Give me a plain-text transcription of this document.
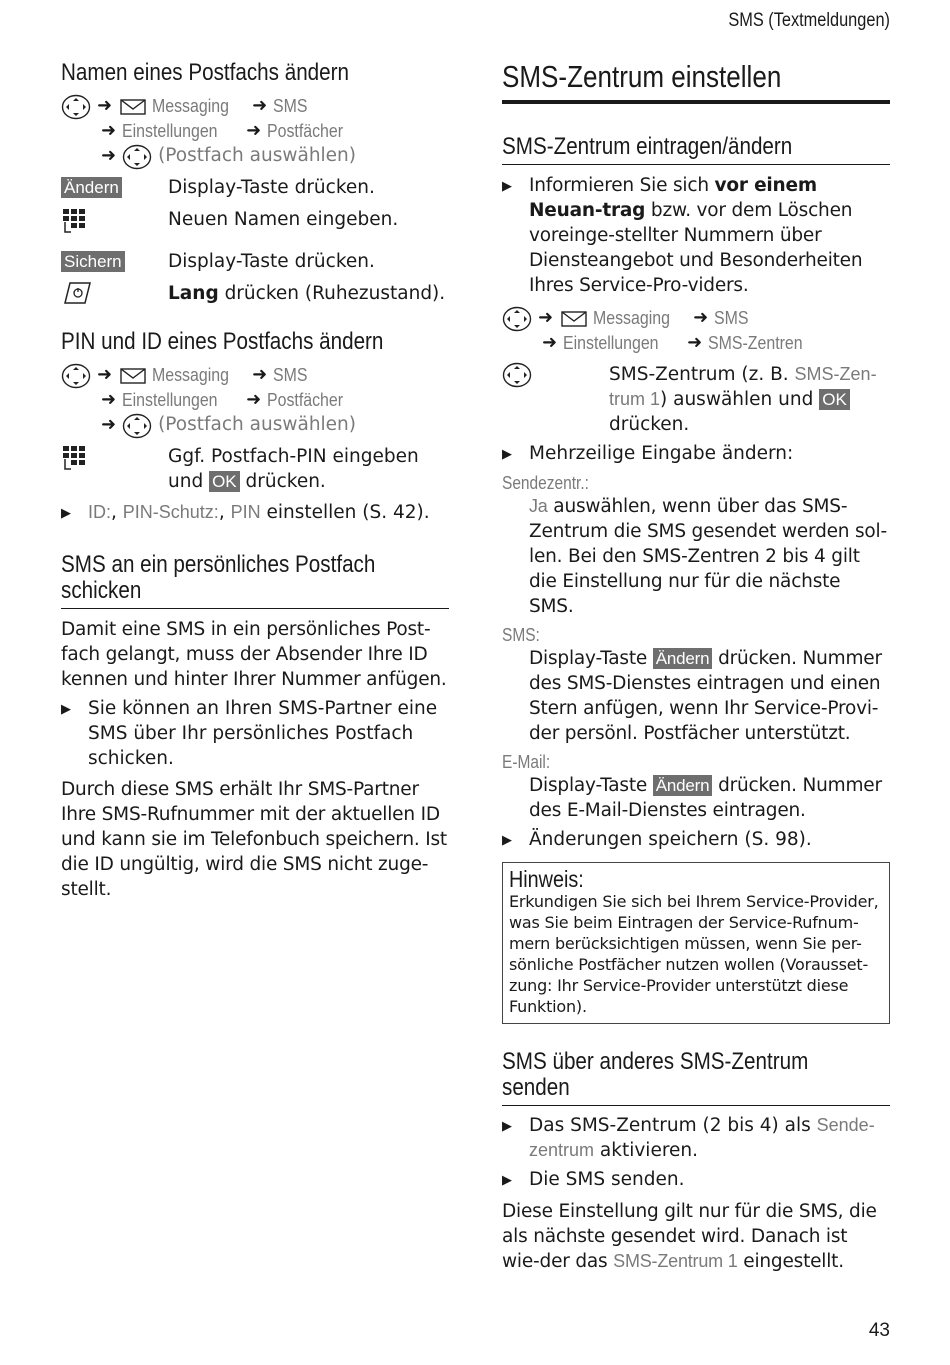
SMS (Textmeldungen)
Namen eines Postfachs ändern
➜ Messaging	➜ SMS
➜ Einstellungen	➜ Postfächer
➜ (Postfach auswählen)
Ändern	Display-Taste drücken.
Neuen Namen eingeben.
Sichern	Display-Taste drücken.
Lang drücken (Ruhezustand).
PIN und ID eines Postfachs ändern
➜ Messaging	➜ SMS
➜ Einstellungen	➜ Postfächer
➜ (Postfach auswählen)
Ggf. Postfach-PIN eingeben und OK drücken.
▶ ID:, PIN-Schutz:, PIN einstellen (S. 42).
SMS an ein persönliches Postfach
schicken

Damit eine SMS in ein persönliches Post-fach gelangt, muss der Absender Ihre ID kennen und hinter Ihrer Nummer anfügen.

▶ Sie können an Ihren SMS-Partner eine SMS über Ihr persönliches Postfach schicken.

Durch diese SMS erhält Ihr SMS-Partner Ihre SMS-Rufnummer mit der aktuellen ID und kann sie im Telefonbuch speichern. Ist die ID ungültig, wird die SMS nicht zuge-stellt.

SMS-Zentrum einstellen
SMS-Zentrum eintragen/ändern
▶ Informieren Sie sich vor einem Neuan-trag bzw. vor dem Löschen voreinge-stellter Nummern über Diensteangebot und Besonderheiten Ihres Service-Pro-viders.
➜ Messaging	➜ SMS
➜ Einstellungen	➜ SMS-Zentren
SMS-Zentrum (z. B. SMS-Zen-trum 1) auswählen und OK drücken.
▶ Mehrzeilige Eingabe ändern:
Sendezentr.:
Ja auswählen, wenn über das SMS-Zentrum die SMS gesendet werden sol-len. Bei den SMS-Zentren 2 bis 4 gilt die Einstellung nur für die nächste SMS.
SMS:
Display-Taste Ändern drücken. Nummer des SMS-Dienstes eintragen und einen Stern anfügen, wenn Ihr Service-Provi-der persönl. Postfächer unterstützt.
E-Mail:
Display-Taste Ändern drücken. Nummer des E-Mail-Dienstes eintragen.
▶ Änderungen speichern (S. 98).
Hinweis:
Erkundigen Sie sich bei Ihrem Service-Provider, was Sie beim Eintragen der Service-Rufnum-mern berücksichtigen müssen, wenn Sie per-sönliche Postfächer nutzen wollen (Vorausset-zung: Ihr Service-Provider unterstützt diese Funktion).
SMS über anderes SMS-Zentrum
senden
▶ Das SMS-Zentrum (2 bis 4) als Sende-zentrum aktivieren.
▶ Die SMS senden.

Diese Einstellung gilt nur für die SMS, die als nächste gesendet wird. Danach ist wie-der das SMS-Zentrum 1 eingestellt.

43
